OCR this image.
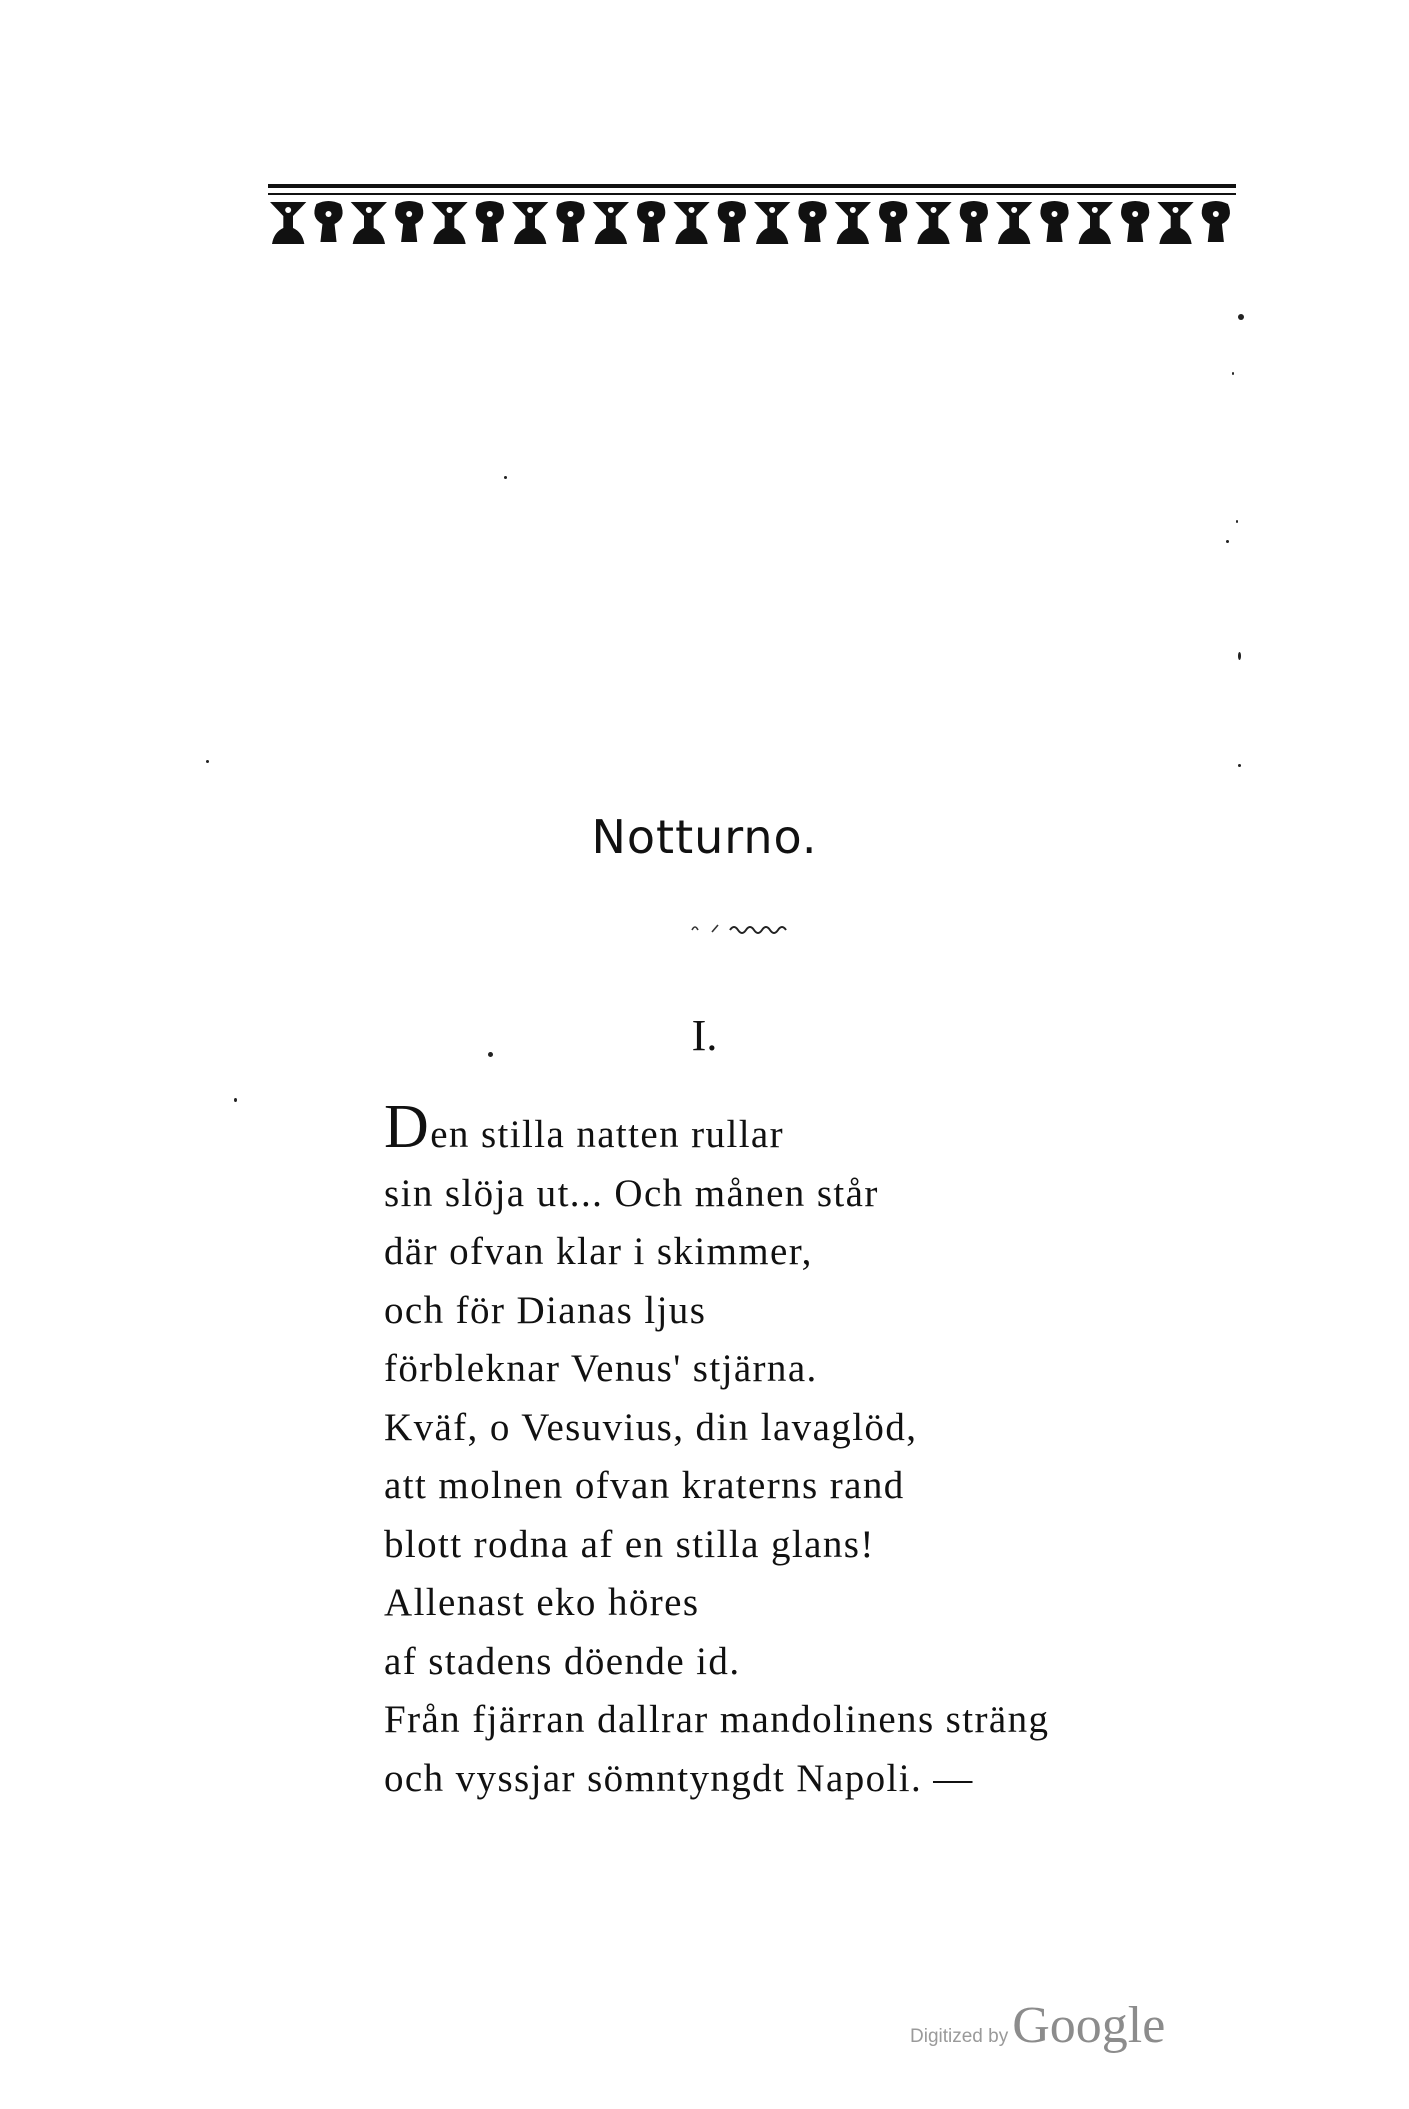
Notturno.
I.
Den stilla natten rullar
sin slöja ut... Och månen står
där ofvan klar i skimmer,
och för Dianas ljus
förbleknar Venus' stjärna.
Kväf, o Vesuvius, din lavaglöd,
att molnen ofvan kraterns rand
blott rodna af en stilla glans!
Allenast eko höres
af stadens döende id.
Från fjärran dallrar mandolinens sträng
och vyssjar sömntyngdt Napoli. —
Digitized by Google
